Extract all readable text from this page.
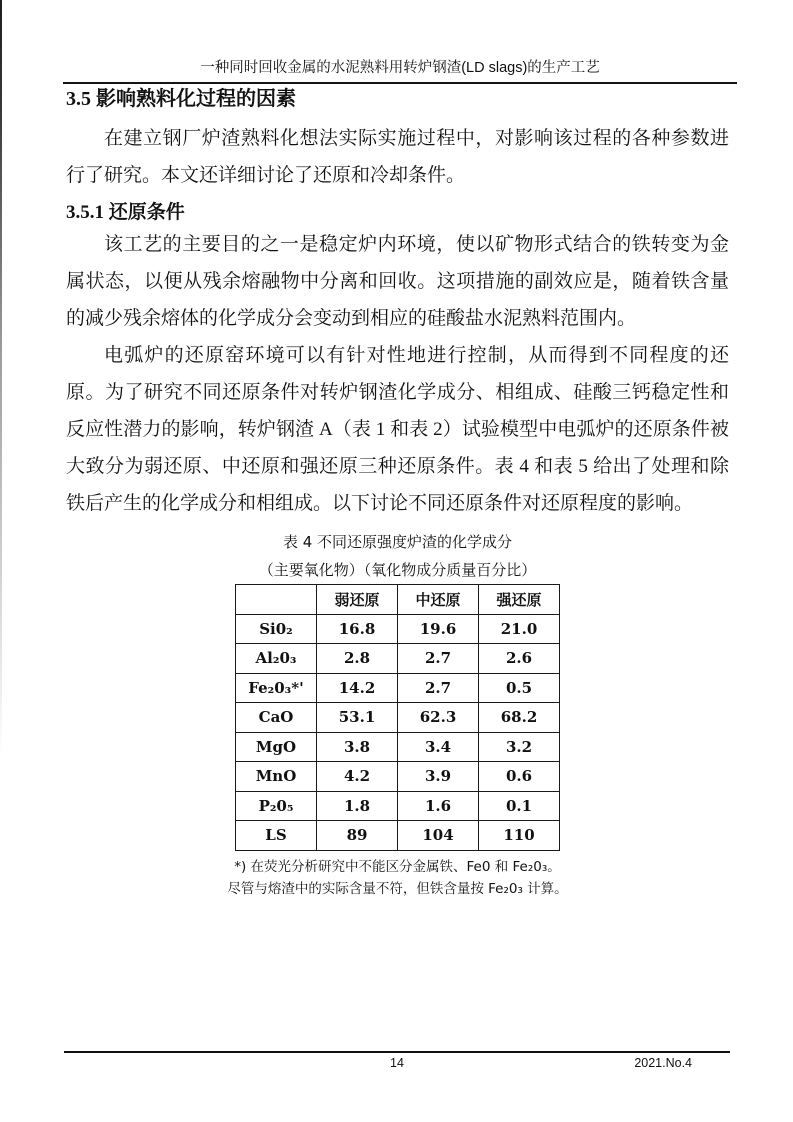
一种同时回收金属的水泥熟料用转炉钢渣(LD slags)的生产工艺
3.5 影响熟料化过程的因素

在建立钢厂炉渣熟料化想法实际实施过程中，对影响该过程的各种参数进行了研究。本文还详细讨论了还原和冷却条件。

3.5.1 还原条件

该工艺的主要目的之一是稳定炉内环境，使以矿物形式结合的铁转变为金属状态，以便从残余熔融物中分离和回收。这项措施的副效应是，随着铁含量的减少残余熔体的化学成分会变动到相应的硅酸盐水泥熟料范围内。

电弧炉的还原窑环境可以有针对性地进行控制，从而得到不同程度的还原。为了研究不同还原条件对转炉钢渣化学成分、相组成、硅酸三钙稳定性和反应性潜力的影响，转炉钢渣 A（表 1 和表 2）试验模型中电弧炉的还原条件被大致分为弱还原、中还原和强还原三种还原条件。表 4 和表 5 给出了处理和除铁后产生的化学成分和相组成。以下讨论不同还原条件对还原程度的影响。

表 4 不同还原强度炉渣的化学成分
（主要氧化物）（氧化物成分质量百分比）
	弱还原	中还原	强还原
Si0₂	16.8	19.6	21.0
Al₂0₃	2.8	2.7	2.6
Fe₂0₃*'	14.2	2.7	0.5
CaO	53.1	62.3	68.2
MgO	3.8	3.4	3.2
MnO	4.2	3.9	0.6
P₂0₅	1.8	1.6	0.1
LS	89	104	110
*) 在荧光分析研究中不能区分金属铁、Fe0 和 Fe₂0₃。
尽管与熔渣中的实际含量不符，但铁含量按 Fe₂0₃ 计算。
14	2021.No.4
